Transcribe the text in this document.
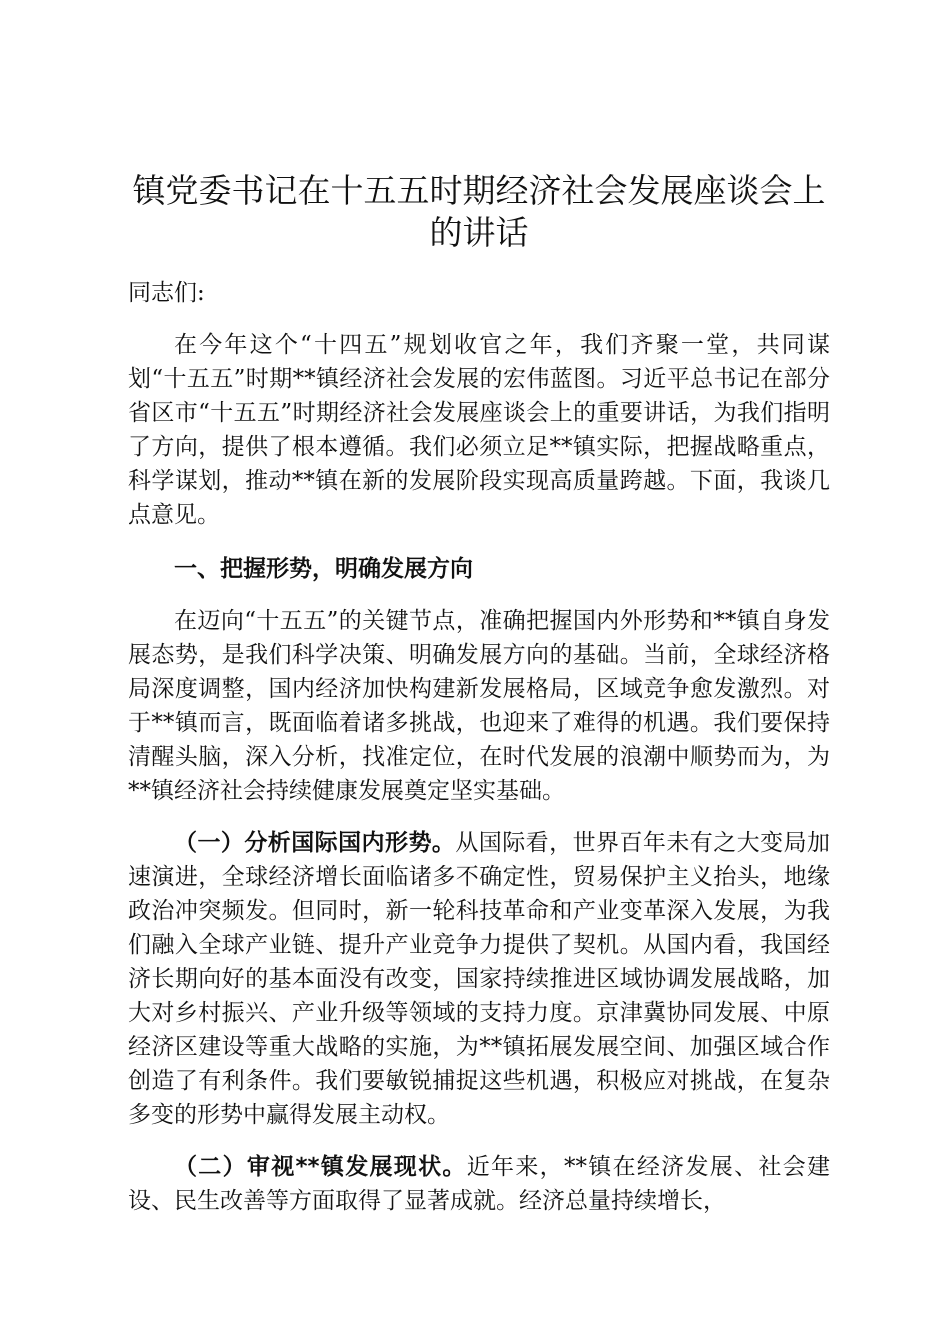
镇党委书记在十五五时期经济社会发展座谈会上的讲话

同志们:

在今年这个“十四五”规划收官之年，我们齐聚一堂，共同谋划“十五五”时期**镇经济社会发展的宏伟蓝图。习近平总书记在部分省区市“十五五”时期经济社会发展座谈会上的重要讲话，为我们指明了方向，提供了根本遵循。我们必须立足**镇实际，把握战略重点，科学谋划，推动**镇在新的发展阶段实现高质量跨越。下面，我谈几点意见。

一、把握形势，明确发展方向

在迈向“十五五”的关键节点，准确把握国内外形势和**镇自身发展态势，是我们科学决策、明确发展方向的基础。当前，全球经济格局深度调整，国内经济加快构建新发展格局，区域竞争愈发激烈。对于**镇而言，既面临着诸多挑战，也迎来了难得的机遇。我们要保持清醒头脑，深入分析，找准定位，在时代发展的浪潮中顺势而为，为**镇经济社会持续健康发展奠定坚实基础。

（一）分析国际国内形势。从国际看，世界百年未有之大变局加速演进，全球经济增长面临诸多不确定性，贸易保护主义抬头，地缘政治冲突频发。但同时，新一轮科技革命和产业变革深入发展，为我们融入全球产业链、提升产业竞争力提供了契机。从国内看，我国经济长期向好的基本面没有改变，国家持续推进区域协调发展战略，加大对乡村振兴、产业升级等领域的支持力度。京津冀协同发展、中原经济区建设等重大战略的实施，为**镇拓展发展空间、加强区域合作创造了有利条件。我们要敏锐捕捉这些机遇，积极应对挑战，在复杂多变的形势中赢得发展主动权。

（二）审视**镇发展现状。近年来，**镇在经济发展、社会建设、民生改善等方面取得了显著成就。经济总量持续增长，
